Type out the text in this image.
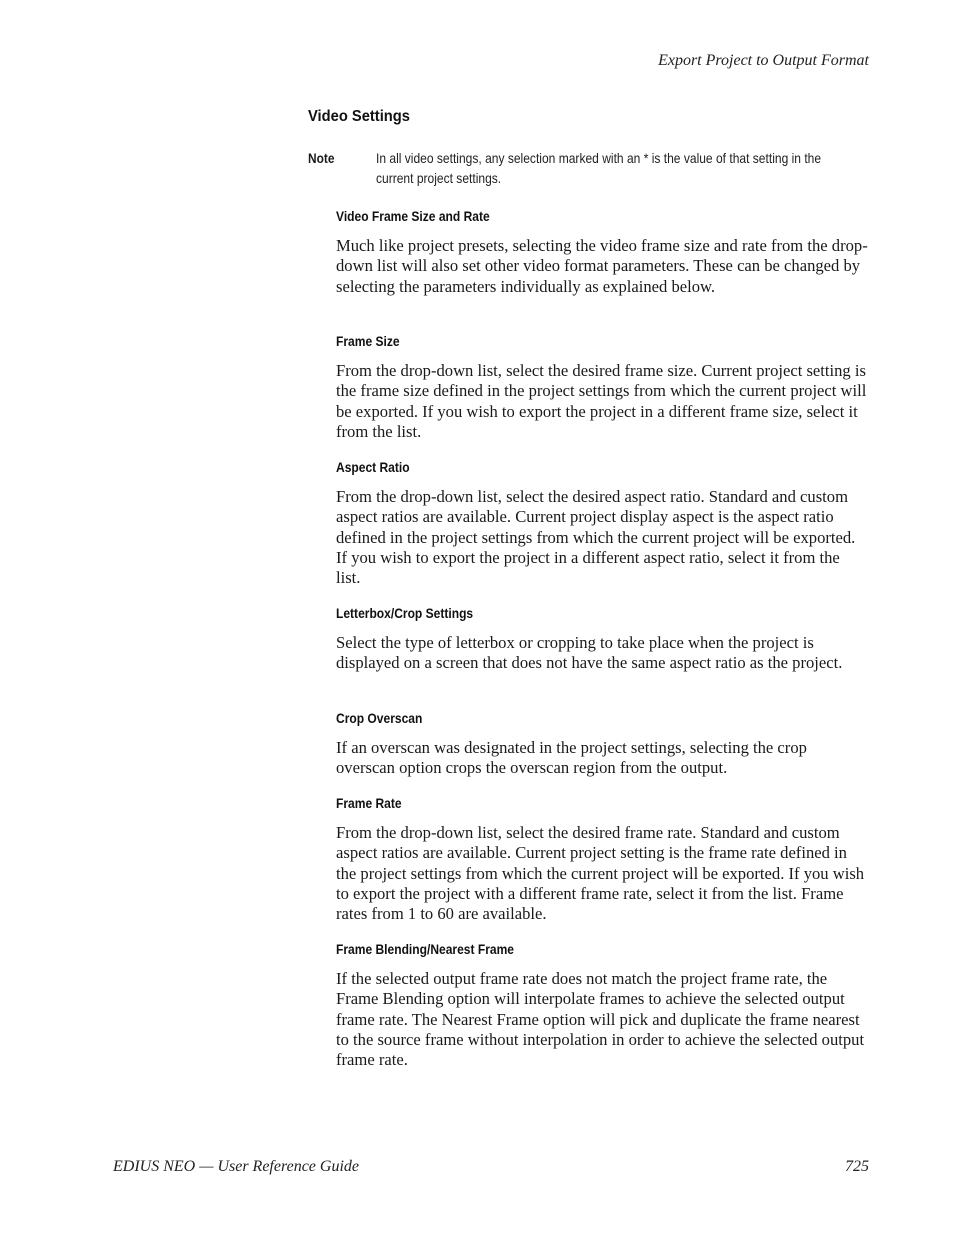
Export Project to Output Format
Video Settings
Note	In all video settings, any selection marked with an * is the value of that setting in the current project settings.
Video Frame Size and Rate

Much like project presets, selecting the video frame size and rate from the drop-down list will also set other video format parameters. These can be changed by selecting the parameters individually as explained below.

Frame Size

From the drop-down list, select the desired frame size. Current project setting is the frame size defined in the project settings from which the current project will be exported. If you wish to export the project in a different frame size, select it from the list.

Aspect Ratio

From the drop-down list, select the desired aspect ratio. Standard and custom aspect ratios are available. Current project display aspect is the aspect ratio defined in the project settings from which the current project will be exported. If you wish to export the project in a different aspect ratio, select it from the list.

Letterbox/Crop Settings

Select the type of letterbox or cropping to take place when the project is displayed on a screen that does not have the same aspect ratio as the project.

Crop Overscan

If an overscan was designated in the project settings, selecting the crop overscan option crops the overscan region from the output.

Frame Rate

From the drop-down list, select the desired frame rate. Standard and custom aspect ratios are available. Current project setting is the frame rate defined in the project settings from which the current project will be exported. If you wish to export the project with a different frame rate, select it from the list. Frame rates from 1 to 60 are available.

Frame Blending/Nearest Frame

If the selected output frame rate does not match the project frame rate, the Frame Blending option will interpolate frames to achieve the selected output frame rate. The Nearest Frame option will pick and duplicate the frame nearest to the source frame without interpolation in order to achieve the selected output frame rate.

EDIUS NEO — User Reference Guide	725
